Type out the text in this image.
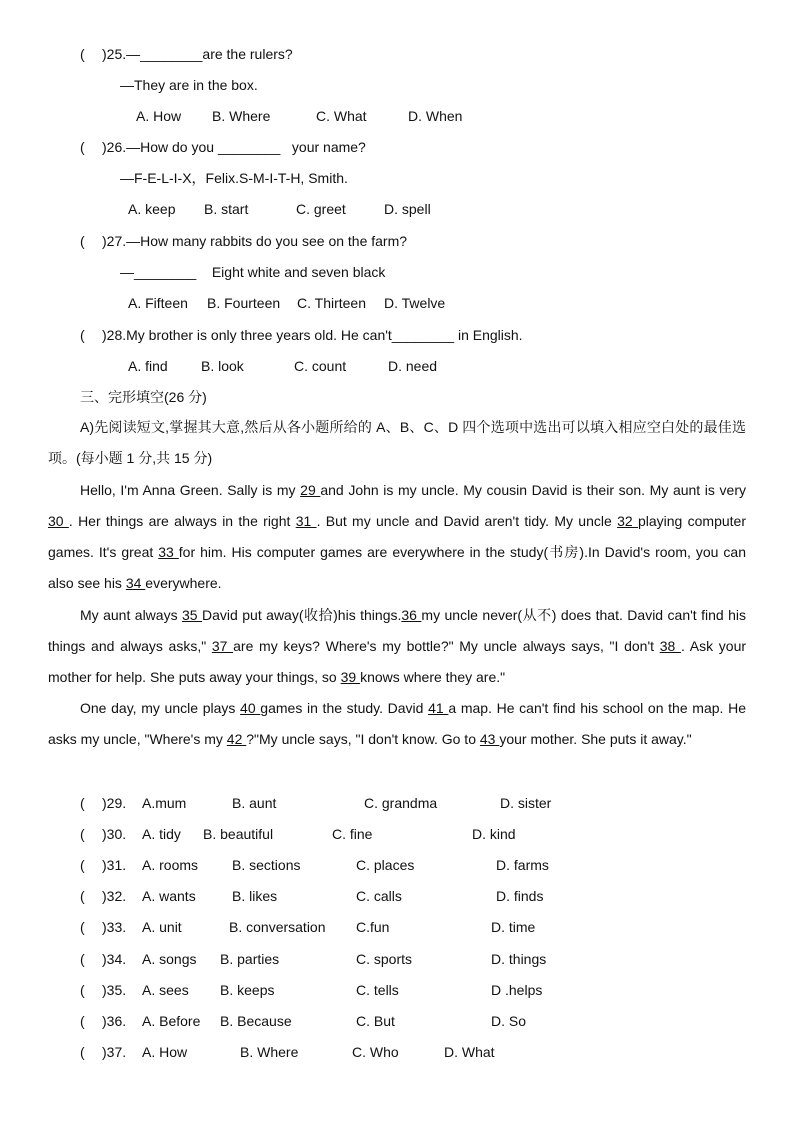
( )25.—________are the rulers?
—They are in the box.
A. How B. Where	C. What	D. When
( )26.—How do you ________   your name?
—F-E-L-I-X，Felix.S-M-I-T-H, Smith.
A. keep B. start	C. greet	D. spell
( )27.—How many rabbits do you see on the farm?
—________    Eight white and seven black
A. Fifteen B. Fourteen C. Thirteen D. Twelve
( )28.My brother is only three years old. He can't________ in English.
A. find B. look	C. count	D. need
三、完形填空(26 分)
A)先阅读短文,掌握其大意,然后从各小题所给的 A、B、C、D 四个选项中选出可以填入相应空白处的最佳选项。(每小题 1 分,共 15 分)
Hello, I'm Anna Green. Sally is my 29 and John is my uncle. My cousin David is their son. My aunt is very 30 . Her things are always in the right 31 . But my uncle and David aren't tidy. My uncle 32 playing computer games. It's great 33 for him. His computer games are everywhere in the study(书房).In David's room, you can also see his 34 everywhere.
My aunt always 35 David put away(收拾)his things.36 my uncle never(从不) does that. David can't find his things and always asks," 37 are my keys? Where's my bottle?" My uncle always says, "I don't 38 . Ask your mother for help. She puts away your things, so 39 knows where they are."
One day, my uncle plays 40 games in the study. David 41 a map. He can't find his school on the map. He asks my uncle, "Where's my 42 ?"My uncle says, "I don't know. Go to 43 your mother. She puts it away."
( )29. A.mum	B. aunt	C. grandma	D. sister
( )30. A. tidy B. beautiful	C. fine	D. kind
( )31. A. rooms B. sections	C. places	D. farms
( )32. A. wants	B. likes	C. calls	D. finds
( )33. A. unit	B. conversation C.fun	D. time
( )34. A. songs B. parties	C. sports	D. things
( )35. A. sees B. keeps	C. tells	D .helps
( )36. A. Before B. Because	C. But	D. So
( )37. A. How	B. Where	C. Who	D. What
